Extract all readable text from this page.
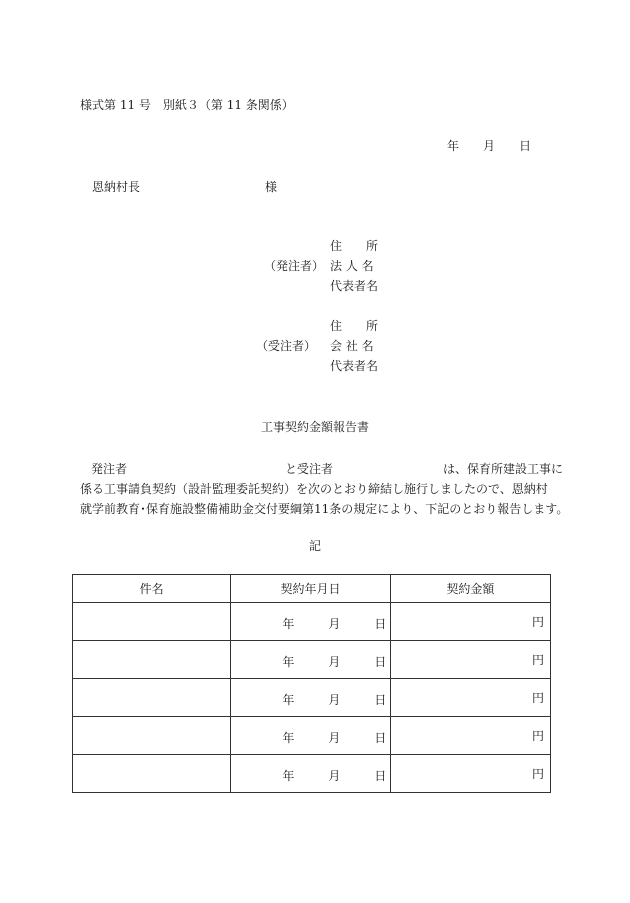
様式第 11 号　別紙３（第 11 条関係）
年 月 日
恩納村長	様
（発注者）
住　　所
法 人 名
代表者名
（受注者）
住　　所
会 社 名
代表者名
工事契約金額報告書
発注者	と受注者	は、保育所建設工事に
係る工事請負契約（設計監理委託契約）を次のとおり締結し施行しましたので、恩納村
就学前教育･保育施設整備補助金交付要綱第11条の規定により、下記のとおり報告します。
記
件名	契約年月日	契約金額

	年 月 日	円

	年 月 日	円

	年 月 日	円

	年 月 日	円

	年 月 日	円
